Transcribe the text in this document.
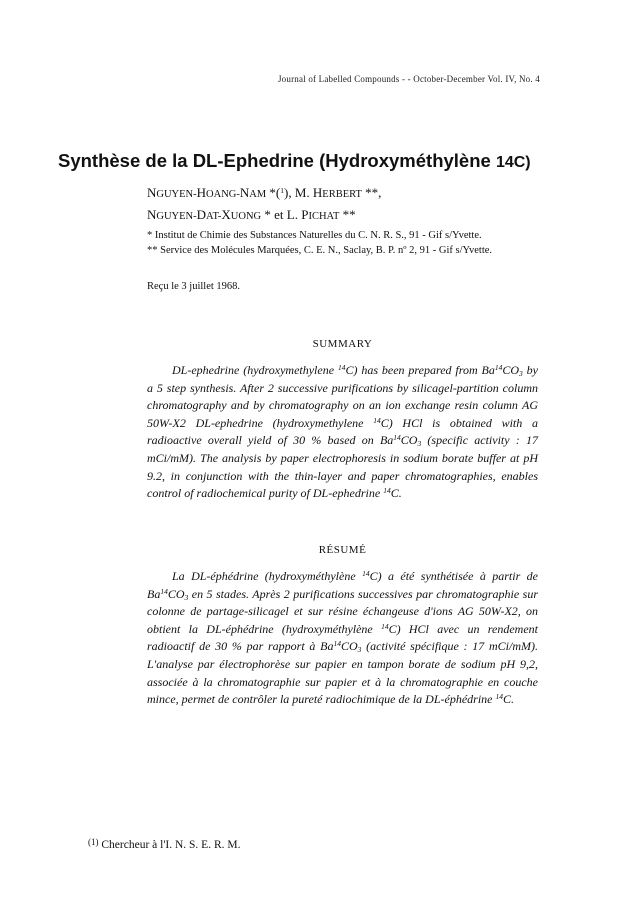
Journal of Labelled Compounds - - October-December Vol. IV, No. 4
Synthèse de la DL-Ephedrine (Hydroxyméthylène 14C)
NGUYEN-HOANG-NAM *($^1$), M. HERBERT **,
NGUYEN-DAT-XUONG * et L. PICHAT **
* Institut de Chimie des Substances Naturelles du C. N. R. S., 91 - Gif s/Yvette.
** Service des Molécules Marquées, C. E. N., Saclay, B. P. nº 2, 91 - Gif s/Yvette.
Reçu le 3 juillet 1968.
SUMMARY
DL-ephedrine (hydroxymethylene $^{14}$C) has been prepared from $Ba^{14}CO_3$ by a 5 step synthesis. After 2 successive purifications by silicagel-partition column chromatography and by chromatography on an ion exchange resin column AG 50W-X2 DL-ephedrine (hydroxymethylene $^{14}$C) HCl is obtained with a radioactive overall yield of 30 % based on $Ba^{14}CO_3$ (specific activity : 17 mCi/mM). The analysis by paper electrophoresis in sodium borate buffer at pH 9.2, in conjunction with the thin-layer and paper chromatographies, enables control of radiochemical purity of DL-ephedrine $^{14}$C.
RÉSUMÉ
La DL-éphédrine (hydroxyméthylène $^{14}$C) a été synthétisée à partir de $Ba^{14}CO_3$ en 5 stades. Après 2 purifications successives par chromatographie sur colonne de partage-silicagel et sur résine échangeuse d'ions AG 50W-X2, on obtient la DL-éphédrine (hydroxyméthylène $^{14}$C) HCl avec un rendement radioactif de 30 % par rapport à $Ba^{14}CO_3$ (activité spécifique : 17 mCi/mM). L'analyse par électrophorèse sur papier en tampon borate de sodium pH 9,2, associée à la chromatographie sur papier et à la chromatographie en couche mince, permet de contrôler la pureté radiochimique de la DL-éphédrine $^{14}$C.
$^{(1)}$ Chercheur à l'I. N. S. E. R. M.
